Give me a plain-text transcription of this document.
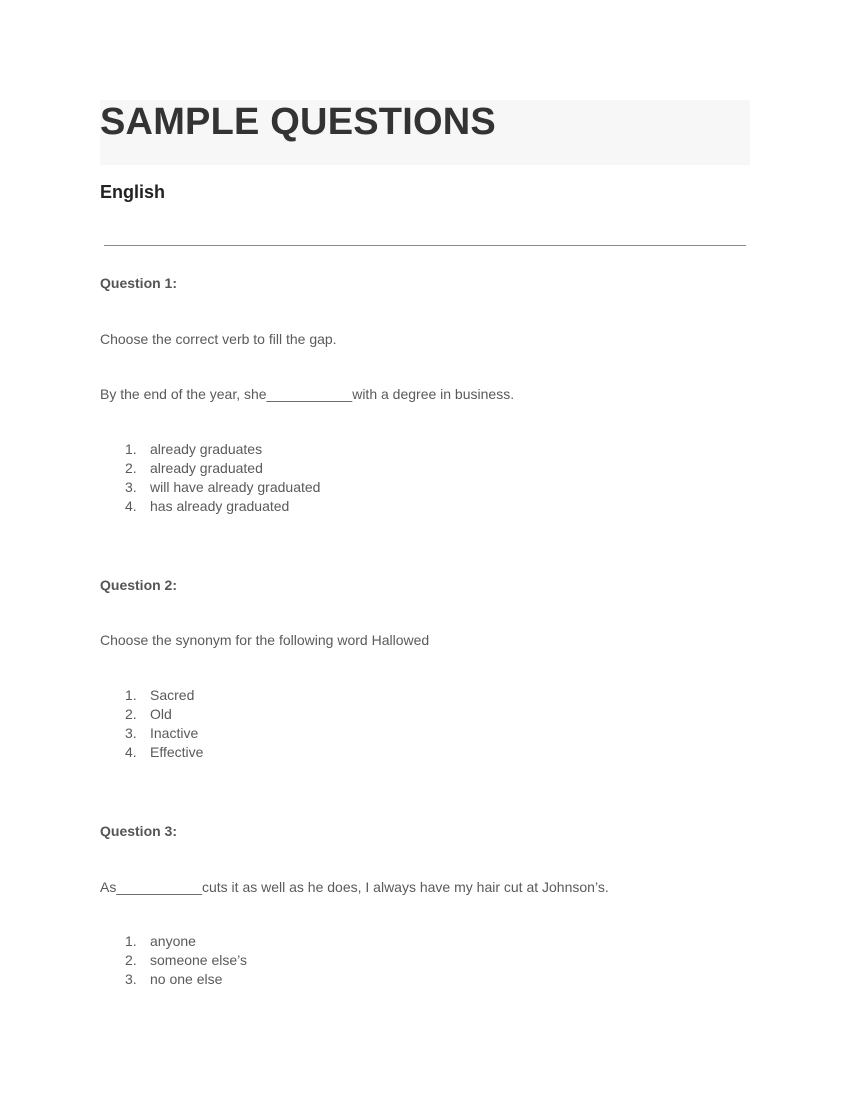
SAMPLE QUESTIONS
English

Question 1:

Choose the correct verb to fill the gap.

By the end of the year, she___________with a degree in business.

1. already graduates
2. already graduated
3. will have already graduated
4. has already graduated

Question 2:

Choose the synonym for the following word Hallowed

1. Sacred
2. Old
3. Inactive
4. Effective

Question 3:

As___________cuts it as well as he does, I always have my hair cut at Johnson’s.

1. anyone
2. someone else’s
3. no one else
